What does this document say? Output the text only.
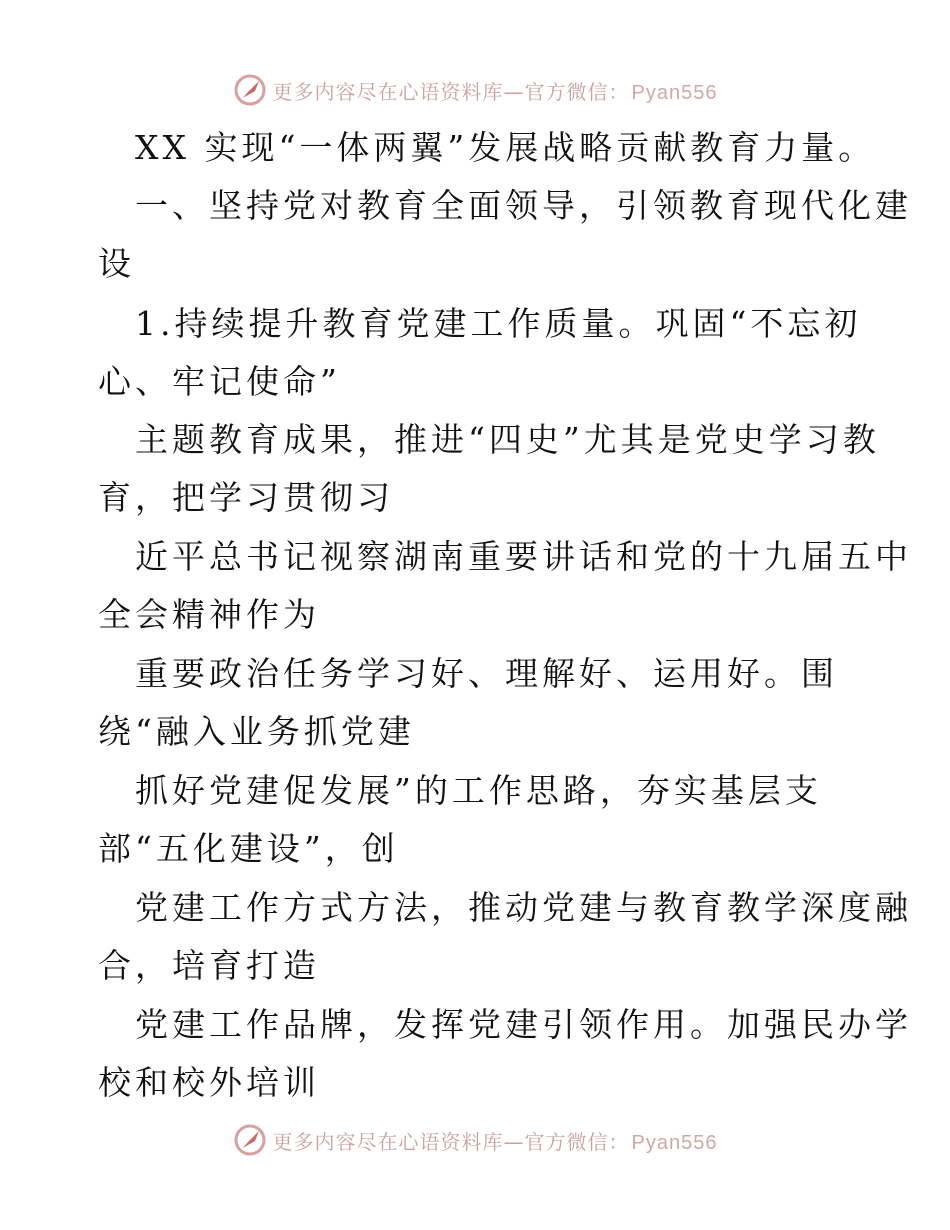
更多内容尽在心语资料库—官方微信： Pyan556
XX 实现“一体两翼”发展战略贡献教育力量。
一、坚持党对教育全面领导，引领教育现代化建
设
1.持续提升教育党建工作质量。巩固“不忘初
心、牢记使命”
主题教育成果，推进“四史”尤其是党史学习教
育，把学习贯彻习
近平总书记视察湖南重要讲话和党的十九届五中
全会精神作为
重要政治任务学习好、理解好、运用好。围
绕“融入业务抓党建
抓好党建促发展”的工作思路，夯实基层支
部“五化建设”，创
党建工作方式方法，推动党建与教育教学深度融
合，培育打造
党建工作品牌，发挥党建引领作用。加强民办学
校和校外培训
更多内容尽在心语资料库—官方微信： Pyan556
